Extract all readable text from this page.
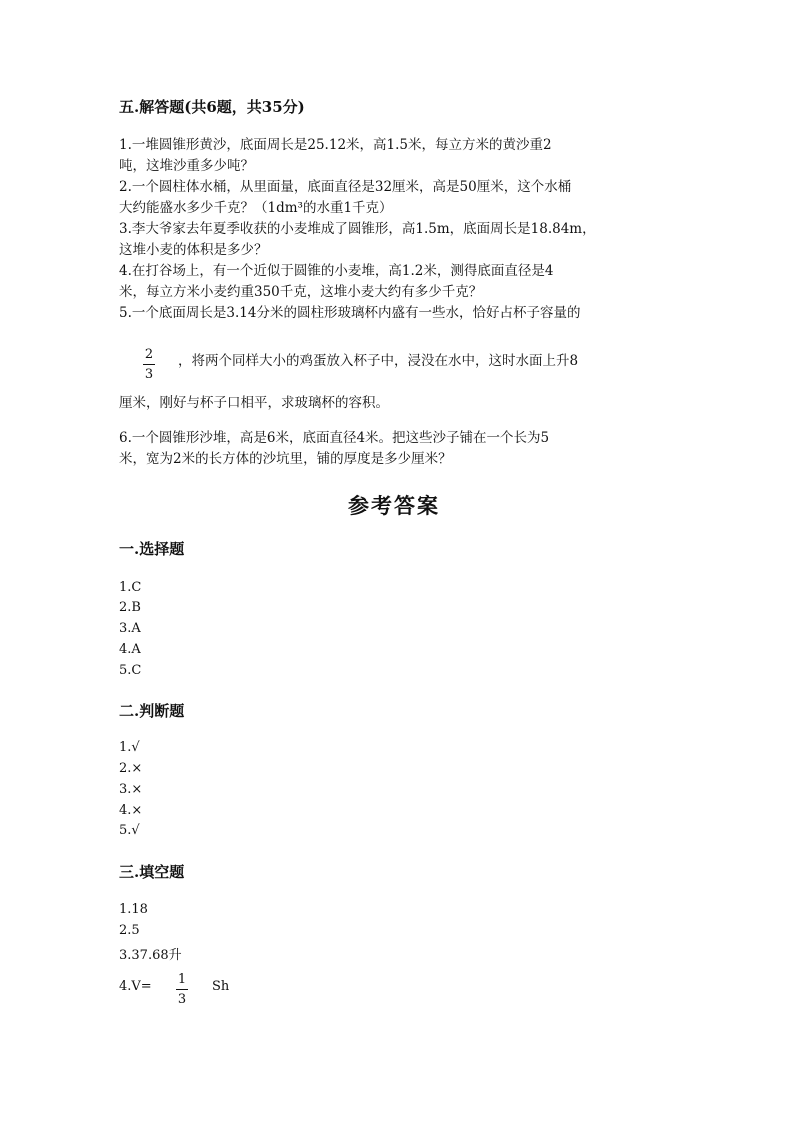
五.解答题(共6题，共35分)
1.一堆圆锥形黄沙，底面周长是25.12米，高1.5米，每立方米的黄沙重2
吨，这堆沙重多少吨？
2.一个圆柱体水桶，从里面量，底面直径是32厘米，高是50厘米，这个水桶
大约能盛水多少千克？（1dm³的水重1千克）
3.李大爷家去年夏季收获的小麦堆成了圆锥形，高1.5m，底面周长是18.84m，
这堆小麦的体积是多少？
4.在打谷场上，有一个近似于圆锥的小麦堆，高1.2米，测得底面直径是4
米，每立方米小麦约重350千克，这堆小麦大约有多少千克？
5.一个底面周长是3.14分米的圆柱形玻璃杯内盛有一些水，恰好占杯子容量的
2
3
，将两个同样大小的鸡蛋放入杯子中，浸没在水中，这时水面上升8
厘米，刚好与杯子口相平，求玻璃杯的容积。
6.一个圆锥形沙堆，高是6米，底面直径4米。把这些沙子铺在一个长为5
米，宽为2米的长方体的沙坑里，铺的厚度是多少厘米？
参考答案
一.选择题
1.C
2.B
3.A
4.A
5.C
二.判断题
1.√
2.×
3.×
4.×
5.√
三.填空题
1.18
2.5
3.37.68升
4.V= 1
3
Sh
